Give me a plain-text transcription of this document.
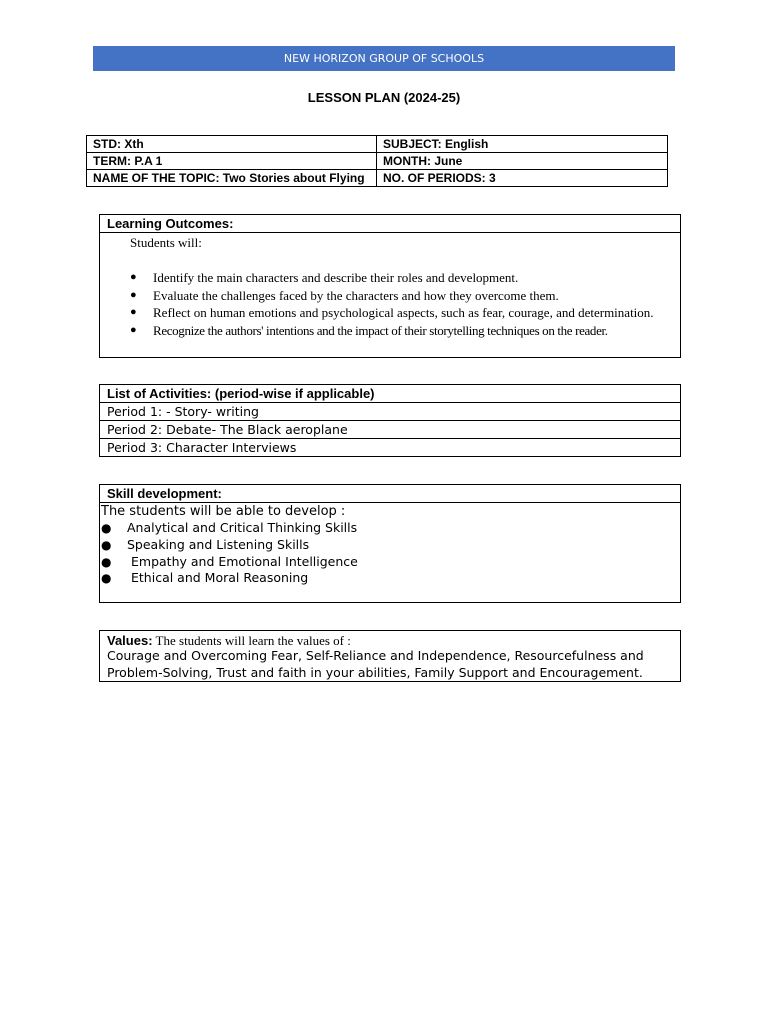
NEW HORIZON GROUP OF SCHOOLS
LESSON PLAN (2024-25)
STD: Xth	SUBJECT: English
TERM: P.A 1	MONTH: June
NAME OF THE TOPIC: Two Stories about Flying	NO. OF PERIODS: 3
Learning Outcomes:
Students will:
● Identify the main characters and describe their roles and development.
● Evaluate the challenges faced by the characters and how they overcome them.
● Reflect on human emotions and psychological aspects, such as fear, courage, and determination.
● Recognize the authors' intentions and the impact of their storytelling techniques on the reader.
List of Activities: (period-wise if applicable)
Period 1: - Story- writing
Period 2: Debate- The Black aeroplane
Period 3: Character Interviews
Skill development:
The students will be able to develop :
● Analytical and Critical Thinking Skills
● Speaking and Listening Skills
● Empathy and Emotional Intelligence
● Ethical and Moral Reasoning
Values: The students will learn the values of :
Courage and Overcoming Fear, Self-Reliance and Independence, Resourcefulness and Problem-Solving, Trust and faith in your abilities, Family Support and Encouragement.
